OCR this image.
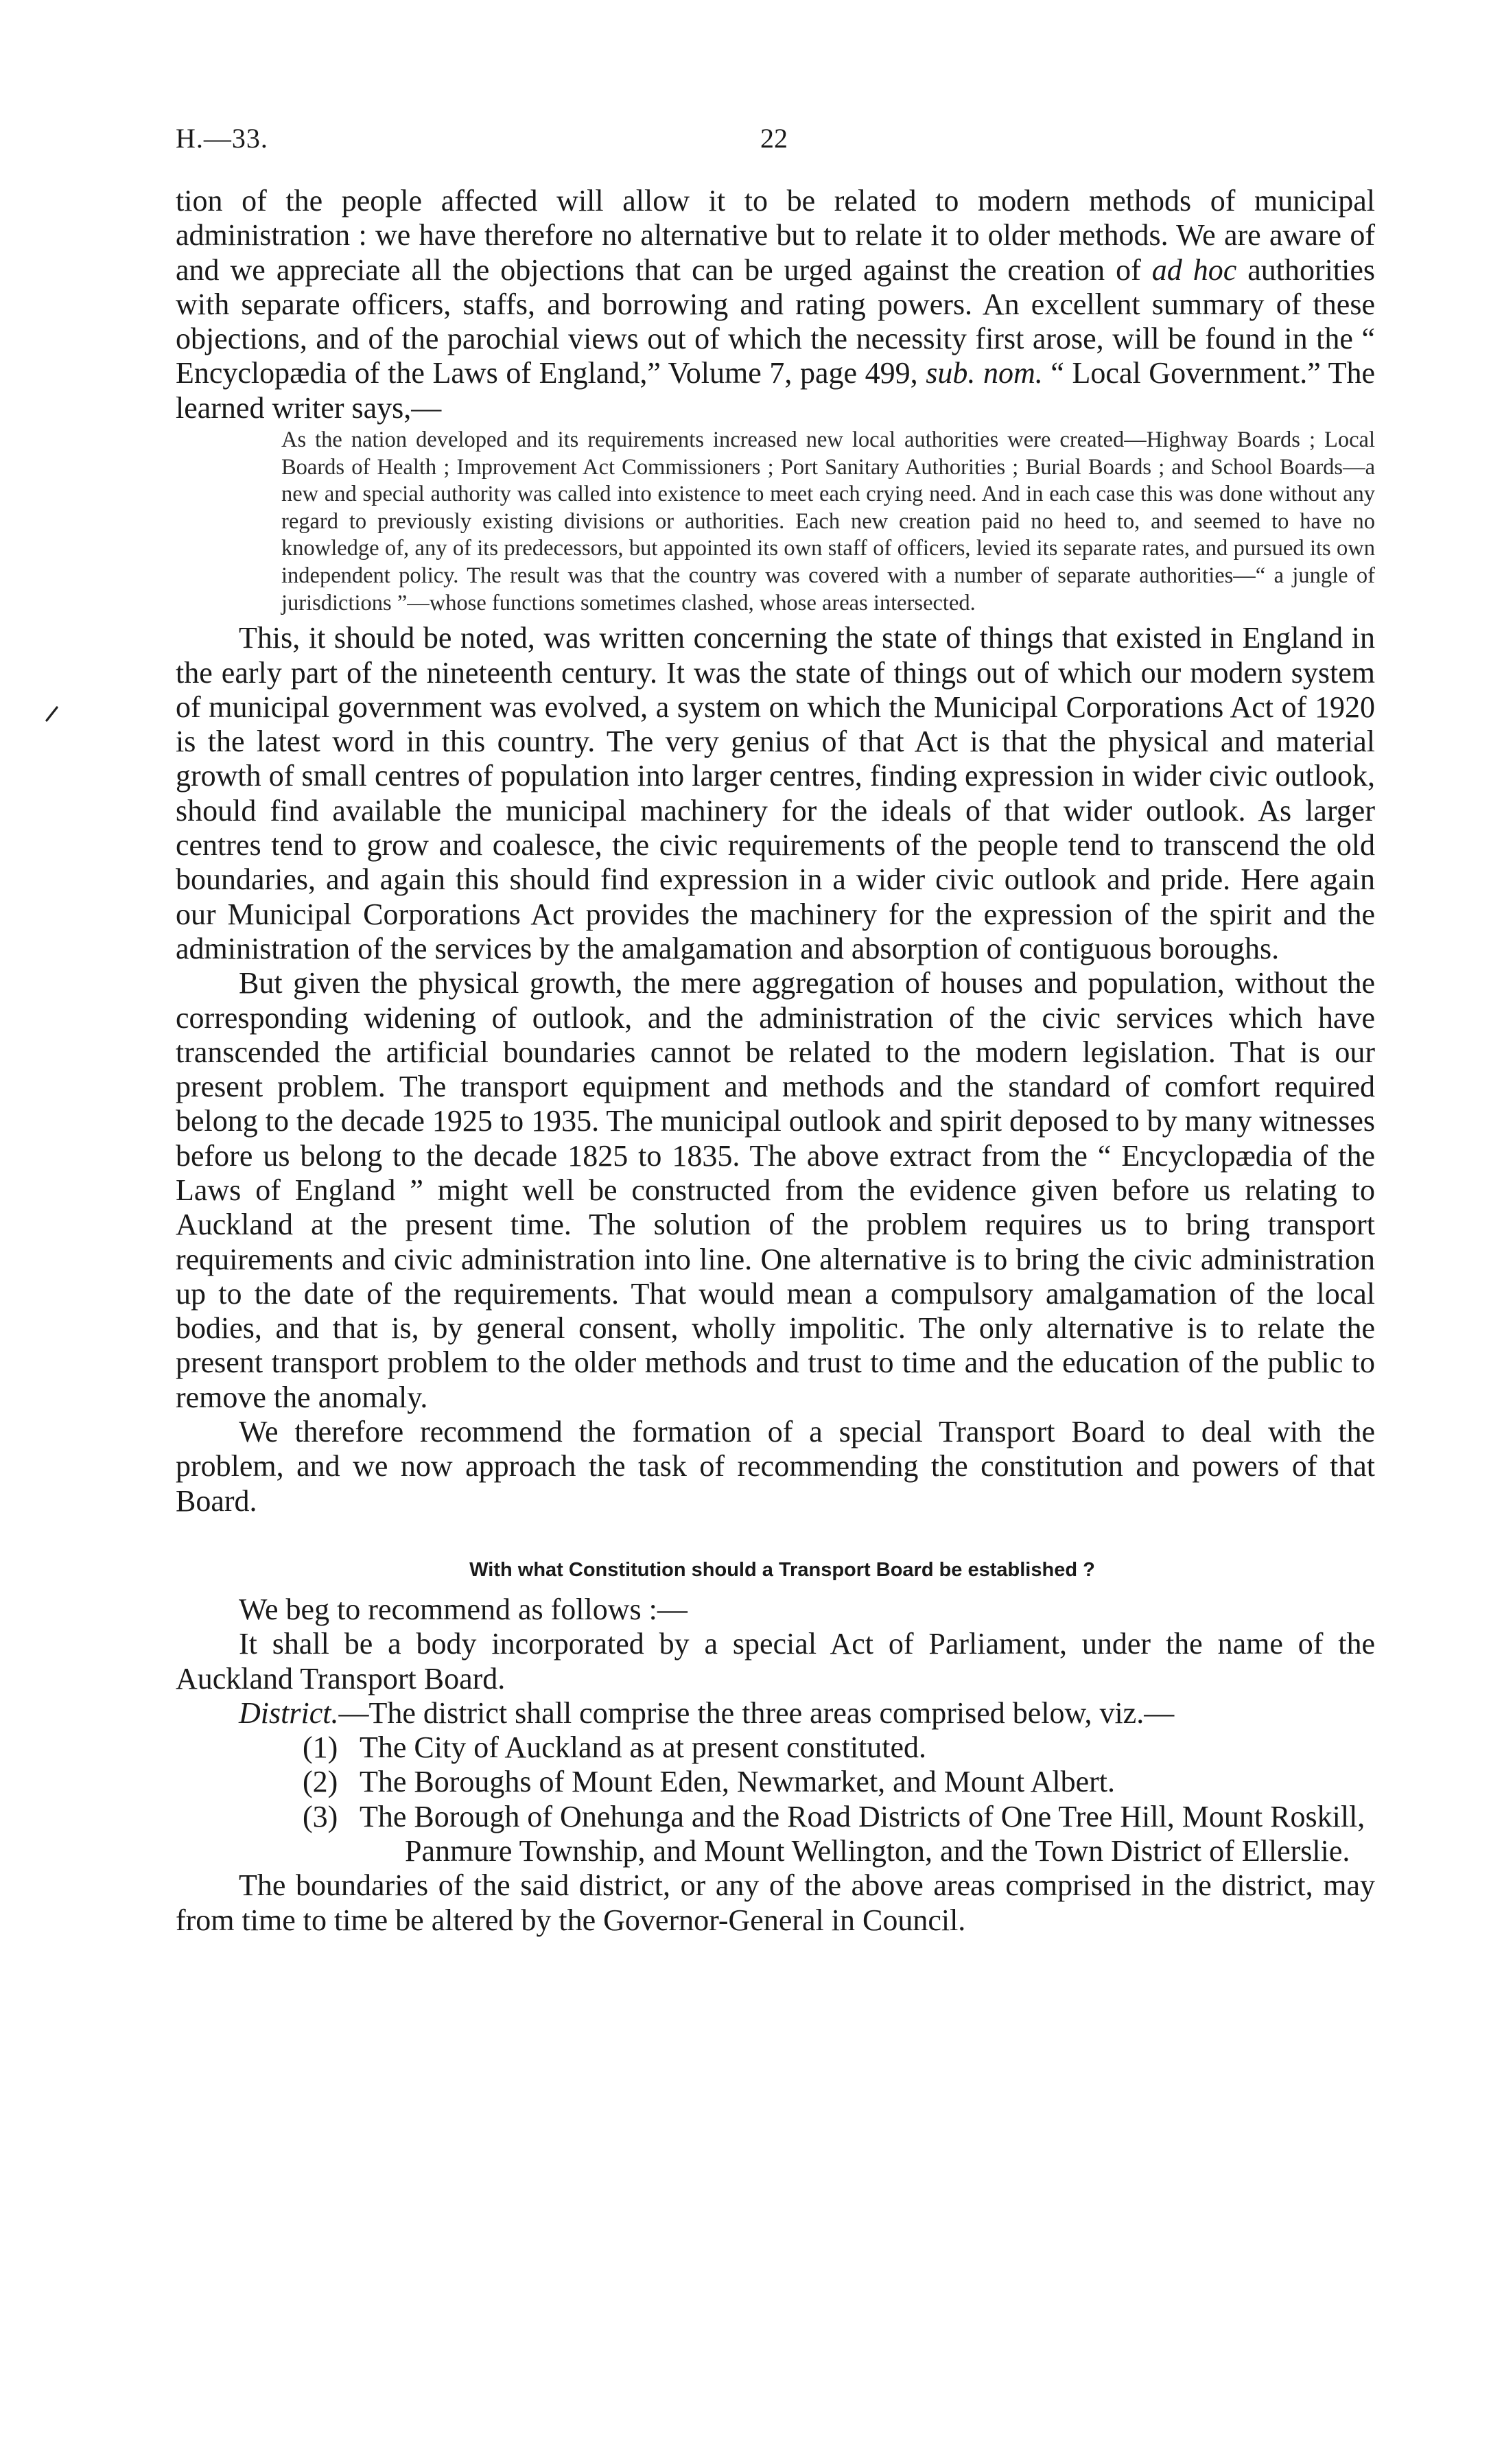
H.—33.	22

tion of the people affected will allow it to be related to modern methods of municipal administration : we have therefore no alternative but to relate it to older methods. We are aware of and we appreciate all the objections that can be urged against the creation of ad hoc authorities with separate officers, staffs, and borrowing and rating powers. An excellent summary of these objections, and of the parochial views out of which the necessity first arose, will be found in the “ Encyclopædia of the Laws of England,” Volume 7, page 499, sub. nom. “ Local Government.” The learned writer says,—

As the nation developed and its requirements increased new local authorities were created—Highway Boards ; Local Boards of Health ; Improvement Act Commissioners ; Port Sanitary Authorities ; Burial Boards ; and School Boards—a new and special authority was called into existence to meet each crying need. And in each case this was done without any regard to previously existing divisions or authorities. Each new creation paid no heed to, and seemed to have no knowledge of, any of its predecessors, but appointed its own staff of officers, levied its separate rates, and pursued its own independent policy. The result was that the country was covered with a number of separate authorities—“ a jungle of jurisdictions ”—whose functions sometimes clashed, whose areas intersected.

This, it should be noted, was written concerning the state of things that existed in England in the early part of the nineteenth century. It was the state of things out of which our modern system of municipal government was evolved, a system on which the Municipal Corporations Act of 1920 is the latest word in this country. The very genius of that Act is that the physical and material growth of small centres of population into larger centres, finding expression in wider civic outlook, should find available the municipal machinery for the ideals of that wider outlook. As larger centres tend to grow and coalesce, the civic requirements of the people tend to transcend the old boundaries, and again this should find expression in a wider civic outlook and pride. Here again our Municipal Corporations Act provides the machinery for the expression of the spirit and the administration of the services by the amalgamation and absorption of contiguous boroughs.

But given the physical growth, the mere aggregation of houses and population, without the corresponding widening of outlook, and the administration of the civic services which have transcended the artificial boundaries cannot be related to the modern legislation. That is our present problem. The transport equipment and methods and the standard of comfort required belong to the decade 1925 to 1935. The municipal outlook and spirit deposed to by many witnesses before us belong to the decade 1825 to 1835. The above extract from the “ Encyclopædia of the Laws of England ” might well be constructed from the evidence given before us relating to Auckland at the present time. The solution of the problem requires us to bring transport requirements and civic administration into line. One alternative is to bring the civic administration up to the date of the requirements. That would mean a compulsory amalgamation of the local bodies, and that is, by general consent, wholly impolitic. The only alternative is to relate the present transport problem to the older methods and trust to time and the education of the public to remove the anomaly.

We therefore recommend the formation of a special Transport Board to deal with the problem, and we now approach the task of recommending the constitution and powers of that Board.

With what Constitution should a Transport Board be established ?

We beg to recommend as follows :—

It shall be a body incorporated by a special Act of Parliament, under the name of the Auckland Transport Board.

District.—The district shall comprise the three areas comprised below, viz.—

(1) The City of Auckland as at present constituted.
(2) The Boroughs of Mount Eden, Newmarket, and Mount Albert.
(3) The Borough of Onehunga and the Road Districts of One Tree Hill, Mount Roskill, Panmure Township, and Mount Wellington, and the Town District of Ellerslie.

The boundaries of the said district, or any of the above areas comprised in the district, may from time to time be altered by the Governor-General in Council.
